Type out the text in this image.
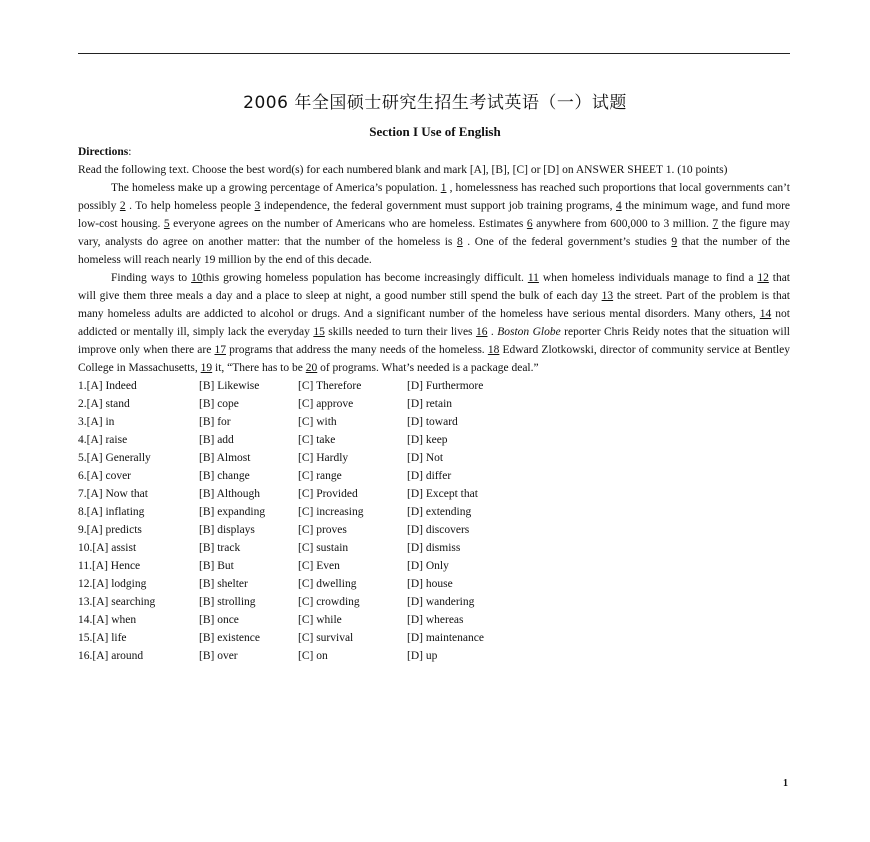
2006 年全国硕士研究生招生考试英语（一）试题
Section I Use of English

Directions:

Read the following text. Choose the best word(s) for each numbered blank and mark [A], [B], [C] or [D] on ANSWER SHEET 1. (10 points)

The homeless make up a growing percentage of America’s population. 1 , homelessness has reached such proportions that local governments can’t possibly 2 . To help homeless people 3 independence, the federal government must support job training programs, 4 the minimum wage, and fund more low-cost housing. 5 everyone agrees on the number of Americans who are homeless. Estimates 6 anywhere from 600,000 to 3 million. 7 the figure may vary, analysts do agree on another matter: that the number of the homeless is 8 . One of the federal government’s studies 9 that the number of the homeless will reach nearly 19 million by the end of this decade.

Finding ways to 10this growing homeless population has become increasingly difficult. 11 when homeless individuals manage to find a 12 that will give them three meals a day and a place to sleep at night, a good number still spend the bulk of each day 13 the street. Part of the problem is that many homeless adults are addicted to alcohol or drugs. And a significant number of the homeless have serious mental disorders. Many others, 14 not addicted or mentally ill, simply lack the everyday 15 skills needed to turn their lives 16 . Boston Globe reporter Chris Reidy notes that the situation will improve only when there are 17 programs that address the many needs of the homeless. 18 Edward Zlotkowski, director of community service at Bentley College in Massachusetts, 19 it, “There has to be 20 of programs. What’s needed is a package deal.”

1.[A] Indeed	[B] Likewise	[C] Therefore	[D] Furthermore
2.[A] stand	[B] cope	[C] approve	[D] retain
3.[A] in	[B] for	[C] with	[D] toward
4.[A] raise	[B] add	[C] take	[D] keep
5.[A] Generally	[B] Almost	[C] Hardly	[D] Not
6.[A] cover	[B] change	[C] range	[D] differ
7.[A] Now that	[B] Although	[C] Provided	[D] Except that
8.[A] inflating	[B] expanding	[C] increasing	[D] extending
9.[A] predicts	[B] displays	[C] proves	[D] discovers
10.[A] assist	[B] track	[C] sustain	[D] dismiss
11.[A] Hence	[B] But	[C] Even	[D] Only
12.[A] lodging	[B] shelter	[C] dwelling	[D] house
13.[A] searching	[B] strolling	[C] crowding	[D] wandering
14.[A] when	[B] once	[C] while	[D] whereas
15.[A] life	[B] existence	[C] survival	[D] maintenance
16.[A] around	[B] over	[C] on	[D] up
1
